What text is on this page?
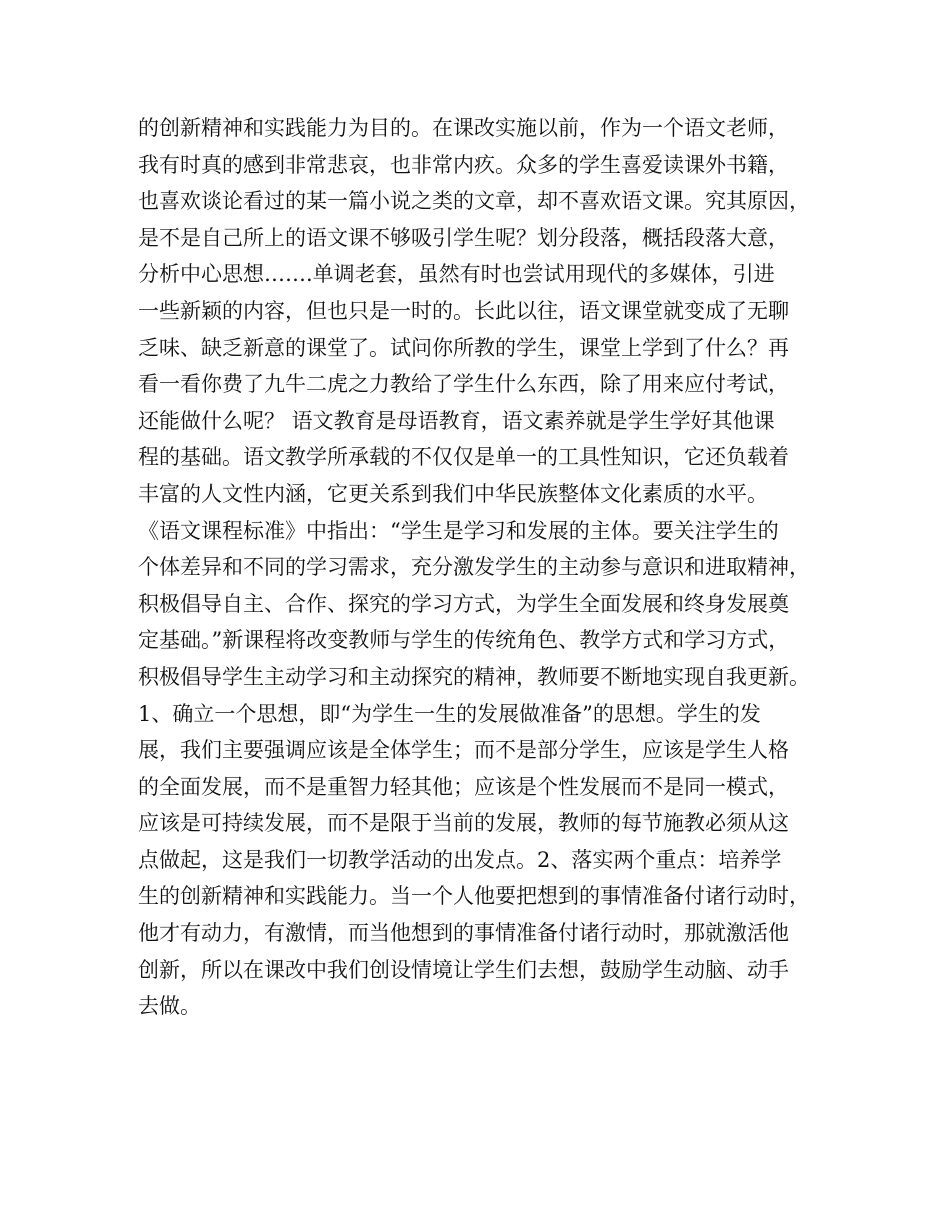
的创新精神和实践能力为目的。在课改实施以前，作为一个语文老师，
我有时真的感到非常悲哀，也非常内疚。众多的学生喜爱读课外书籍，
也喜欢谈论看过的某一篇小说之类的文章，却不喜欢语文课。究其原因，
是不是自己所上的语文课不够吸引学生呢？划分段落，概括段落大意，
分析中心思想…….单调老套，虽然有时也尝试用现代的多媒体，引进
一些新颖的内容，但也只是一时的。长此以往，语文课堂就变成了无聊
乏味、缺乏新意的课堂了。试问你所教的学生，课堂上学到了什么？再
看一看你费了九牛二虎之力教给了学生什么东西，除了用来应付考试，
还能做什么呢？ 语文教育是母语教育，语文素养就是学生学好其他课
程的基础。语文教学所承载的不仅仅是单一的工具性知识，它还负载着
丰富的人文性内涵，它更关系到我们中华民族整体文化素质的水平。
《语文课程标准》中指出：“学生是学习和发展的主体。要关注学生的
个体差异和不同的学习需求，充分激发学生的主动参与意识和进取精神，
积极倡导自主、合作、探究的学习方式，为学生全面发展和终身发展奠
定基础。”新课程将改变教师与学生的传统角色、教学方式和学习方式，
积极倡导学生主动学习和主动探究的精神，教师要不断地实现自我更新。
1、确立一个思想，即“为学生一生的发展做准备”的思想。学生的发
展，我们主要强调应该是全体学生；而不是部分学生，应该是学生人格
的全面发展，而不是重智力轻其他；应该是个性发展而不是同一模式，
应该是可持续发展，而不是限于当前的发展，教师的每节施教必须从这
点做起，这是我们一切教学活动的出发点。2、落实两个重点：培养学
生的创新精神和实践能力。当一个人他要把想到的事情准备付诸行动时，
他才有动力，有激情，而当他想到的事情准备付诸行动时，那就激活他
创新，所以在课改中我们创设情境让学生们去想，鼓励学生动脑、动手
去做。
